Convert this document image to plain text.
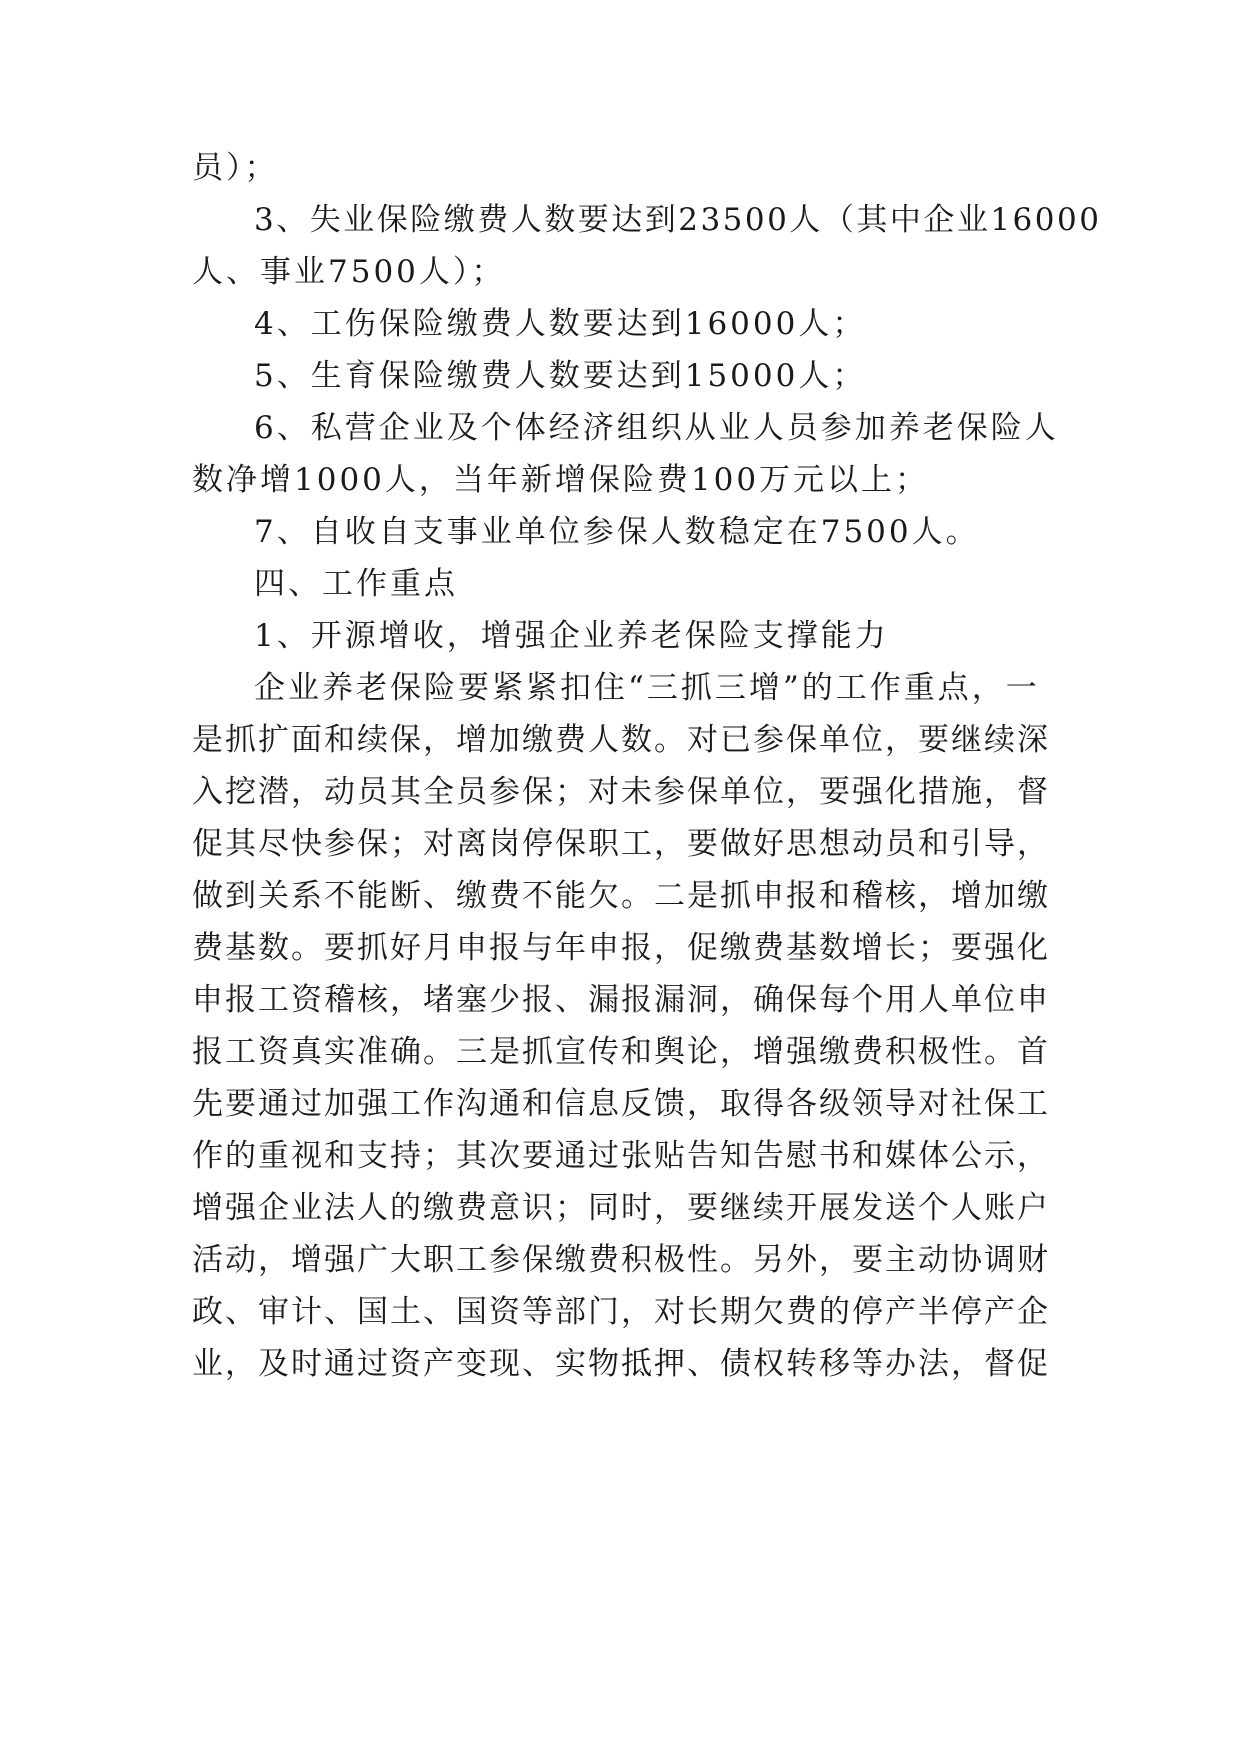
员）；
3、失业保险缴费人数要达到23500人（其中企业16000
人、事业7500人）；
4、工伤保险缴费人数要达到16000人；
5、生育保险缴费人数要达到15000人；
6、私营企业及个体经济组织从业人员参加养老保险人
数净增1000人，当年新增保险费100万元以上；
7、自收自支事业单位参保人数稳定在7500人。
四、工作重点
1、开源增收，增强企业养老保险支撑能力
企业养老保险要紧紧扣住“三抓三增”的工作重点，一
是抓扩面和续保，增加缴费人数。对已参保单位，要继续深
入挖潜，动员其全员参保；对未参保单位，要强化措施，督
促其尽快参保；对离岗停保职工，要做好思想动员和引导，
做到关系不能断、缴费不能欠。二是抓申报和稽核，增加缴
费基数。要抓好月申报与年申报，促缴费基数增长；要强化
申报工资稽核，堵塞少报、漏报漏洞，确保每个用人单位申
报工资真实准确。三是抓宣传和舆论，增强缴费积极性。首
先要通过加强工作沟通和信息反馈，取得各级领导对社保工
作的重视和支持；其次要通过张贴告知告慰书和媒体公示，
增强企业法人的缴费意识；同时，要继续开展发送个人账户
活动，增强广大职工参保缴费积极性。另外，要主动协调财
政、审计、国土、国资等部门，对长期欠费的停产半停产企
业，及时通过资产变现、实物抵押、债权转移等办法，督促
